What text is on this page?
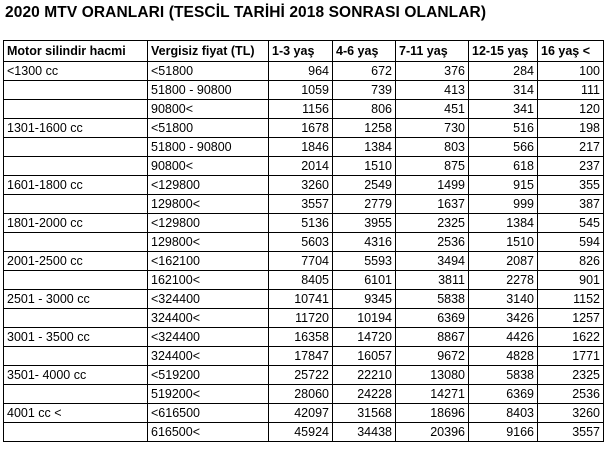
2020 MTV ORANLARI (TESCİL TARİHİ 2018 SONRASI OLANLAR)
Motor silindir hacmi	Vergisiz fiyat (TL)	1-3 yaş	4-6 yaş	7-11 yaş	12-15 yaş	16 yaş <
<1300 cc	<51800	964	672	376	284	100
	51800 - 90800	1059	739	413	314	111
	90800<	1156	806	451	341	120
1301-1600 cc	<51800	1678	1258	730	516	198
	51800 - 90800	1846	1384	803	566	217
	90800<	2014	1510	875	618	237
1601-1800 cc	<129800	3260	2549	1499	915	355
	129800<	3557	2779	1637	999	387
1801-2000 cc	<129800	5136	3955	2325	1384	545
	129800<	5603	4316	2536	1510	594
2001-2500 cc	<162100	7704	5593	3494	2087	826
	162100<	8405	6101	3811	2278	901
2501 - 3000 cc	<324400	10741	9345	5838	3140	1152
	324400<	11720	10194	6369	3426	1257
3001 - 3500 cc	<324400	16358	14720	8867	4426	1622
	324400<	17847	16057	9672	4828	1771
3501- 4000 cc	<519200	25722	22210	13080	5838	2325
	519200<	28060	24228	14271	6369	2536
4001 cc <	<616500	42097	31568	18696	8403	3260
	616500<	45924	34438	20396	9166	3557
